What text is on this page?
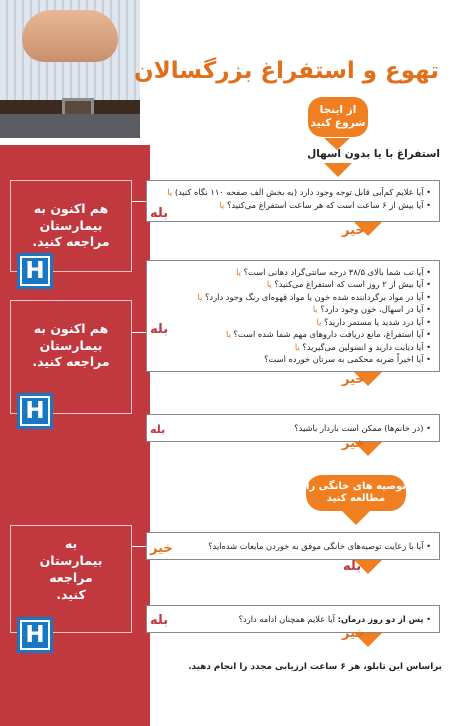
تهوع و استفراغ بزرگسالان
از اینجا شروع کنید
استفراغ با یا بدون اسهال
• آیا علایم کم‌آبی قابل توجه وجود دارد (به بخش الف صفحه ۱۱۰ نگاه کنید) یا
• آیا بیش از ۶ ساعت است که هر ساعت استفراغ می‌کنید؟ یا
بله
خیر
هم اکنون به بیمارستان مراجعه کنید.
H	• آیا تب شما بالای ۳۸/۵ درجه سانتی‌گراد دهانی است؟ یا
• آیا بیش از ۲ روز است که استفراغ می‌کنید؟ یا
• آیا در مواد برگرداننده شده خون یا مواد قهوه‌ای رنگ وجود دارد؟ یا
• آیا در اسهال، خون وجود دارد؟ یا
• آیا درد شدید یا مستمر دارید؟ یا
• آیا استفراغ، مانع دریافت داروهای مهم شما شده است؟ یا
• آیا دیابت دارید و انسولین می‌گیرید؟ یا
• آیا اخیراً ضربه محکمی به سرتان خورده است؟
بله
خیر
هم اکنون به بیمارستان مراجعه کنید.
H
• (در خانم‌ها) ممکن است باردار باشید؟
بله
خیر
توصیه های خانگی را مطالعه کنید
• آیا با رعایت توصیه‌های خانگی موفق به خوردن مایعات شده‌اید؟
خیر
بله
به بیمارستان مراجعه کنید.
H
• پس از دو روز درمان: آیا علایم همچنان ادامه دارد؟
بله
خیر
براساس این تابلو، هر ۶ ساعت ارزیابی مجدد را انجام دهید.
